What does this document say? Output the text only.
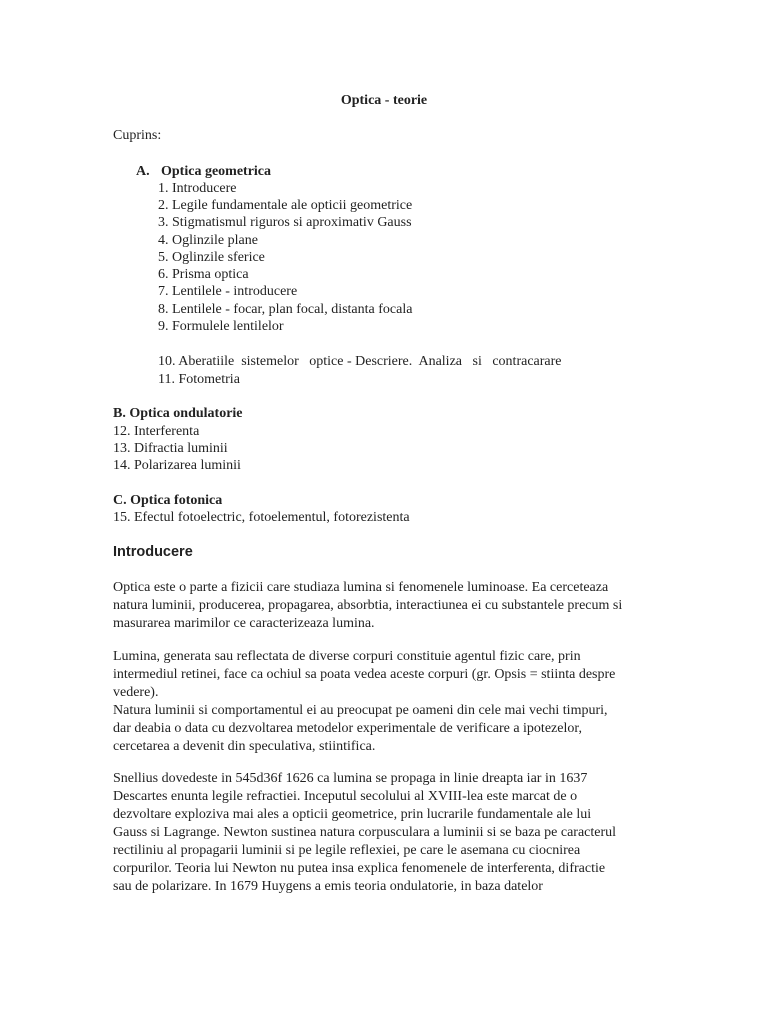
Optica - teorie
Cuprins:
A. Optica geometrica
1. Introducere
2. Legile fundamentale ale opticii geometrice
3. Stigmatismul riguros si aproximativ Gauss
4. Oglinzile plane
5. Oglinzile sferice
6. Prisma optica
7. Lentilele - introducere
8. Lentilele - focar, plan focal, distanta focala
9. Formulele lentilelor
10. Aberatiile  sistemelor   optice - Descriere.  Analiza   si   contracarare
11. Fotometria
B. Optica ondulatorie
12. Interferenta
13. Difractia luminii
14. Polarizarea luminii
C. Optica fotonica
15. Efectul fotoelectric, fotoelementul, fotorezistenta
Introducere

Optica este o parte a fizicii care studiaza lumina si fenomenele luminoase. Ea cerceteaza

natura luminii, producerea, propagarea, absorbtia, interactiunea ei cu substantele precum si

masurarea marimilor ce caracterizeaza lumina.

Lumina, generata sau reflectata de diverse corpuri constituie agentul fizic care, prin

intermediul retinei, face ca ochiul sa poata vedea aceste corpuri (gr. Opsis = stiinta despre

vedere).

Natura luminii si comportamentul ei au preocupat pe oameni din cele mai vechi timpuri,

dar deabia o data cu dezvoltarea metodelor experimentale de verificare a ipotezelor,

cercetarea a devenit din speculativa, stiintifica.

Snellius dovedeste in 545d36f 1626 ca lumina se propaga in linie dreapta iar in 1637

Descartes enunta legile refractiei. Inceputul secolului al XVIII-lea este marcat de o

dezvoltare exploziva mai ales a opticii geometrice, prin lucrarile fundamentale ale lui

Gauss si Lagrange. Newton sustinea natura corpusculara a luminii si se baza pe caracterul

rectiliniu al propagarii luminii si pe legile reflexiei, pe care le asemana cu ciocnirea

corpurilor. Teoria lui Newton nu putea insa explica fenomenele de interferenta, difractie

sau de polarizare. In 1679 Huygens a emis teoria ondulatorie, in baza datelor
